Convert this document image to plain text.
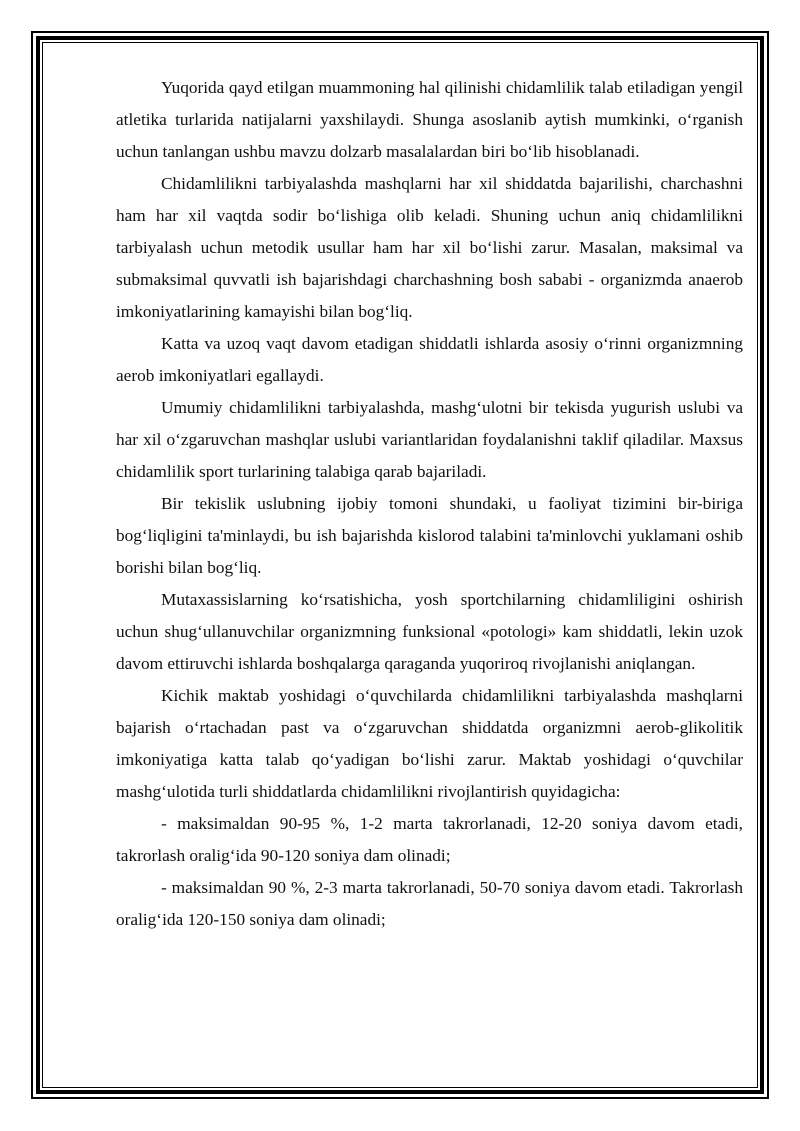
Yuqorida qayd etilgan muammoning hal qilinishi chidamlilik talab etiladigan yengil atletika turlarida natijalarni yaxshilaydi. Shunga asoslanib aytish mumkinki, o‘rganish uchun tanlangan ushbu mavzu dolzarb masalalardan biri bo‘lib hisoblanadi.

Chidamlilikni tarbiyalashda mashqlarni har xil shiddatda bajarilishi, charchashni ham har xil vaqtda sodir bo‘lishiga olib keladi. Shuning uchun aniq chidamlilikni tarbiyalash uchun metodik usullar ham har xil bo‘lishi zarur. Masalan, maksimal va submaksimal quvvatli ish bajarishdagi charchashning bosh sababi - organizmda anaerob imkoniyatlarining kamayishi bilan bog‘liq.

Katta va uzoq vaqt davom etadigan shiddatli ishlarda asosiy o‘rinni organizmning aerob imkoniyatlari egallaydi.

Umumiy chidamlilikni tarbiyalashda, mashg‘ulotni bir tekisda yugurish uslubi va har xil o‘zgaruvchan mashqlar uslubi variantlaridan foydalanishni taklif qiladilar. Maxsus chidamlilik sport turlarining talabiga qarab bajariladi.

Bir tekislik uslubning ijobiy tomoni shundaki, u faoliyat tizimini bir-biriga bog‘liqligini ta'minlaydi, bu ish bajarishda kislorod talabini ta'minlovchi yuklamani oshib borishi bilan bog‘liq.

Mutaxassislarning ko‘rsatishicha, yosh sportchilarning chidamliligini oshirish uchun shug‘ullanuvchilar organizmning funksional «potologi» kam shiddatli, lekin uzok davom ettiruvchi ishlarda boshqalarga qaraganda yuqoriroq rivojlanishi aniqlangan.

Kichik maktab yoshidagi o‘quvchilarda chidamlilikni tarbiyalashda mashqlarni bajarish o‘rtachadan past va o‘zgaruvchan shiddatda organizmni aerob-glikolitik imkoniyatiga katta talab qo‘yadigan bo‘lishi zarur. Maktab yoshidagi o‘quvchilar mashg‘ulotida turli shiddatlarda chidamlilikni rivojlantirish quyidagicha:

- maksimaldan 90-95 %, 1-2 marta takrorlanadi, 12-20 soniya davom etadi, takrorlash oralig‘ida 90-120 soniya dam olinadi;

- maksimaldan 90 %, 2-3 marta takrorlanadi, 50-70 soniya davom etadi. Takrorlash oralig‘ida 120-150 soniya dam olinadi;
